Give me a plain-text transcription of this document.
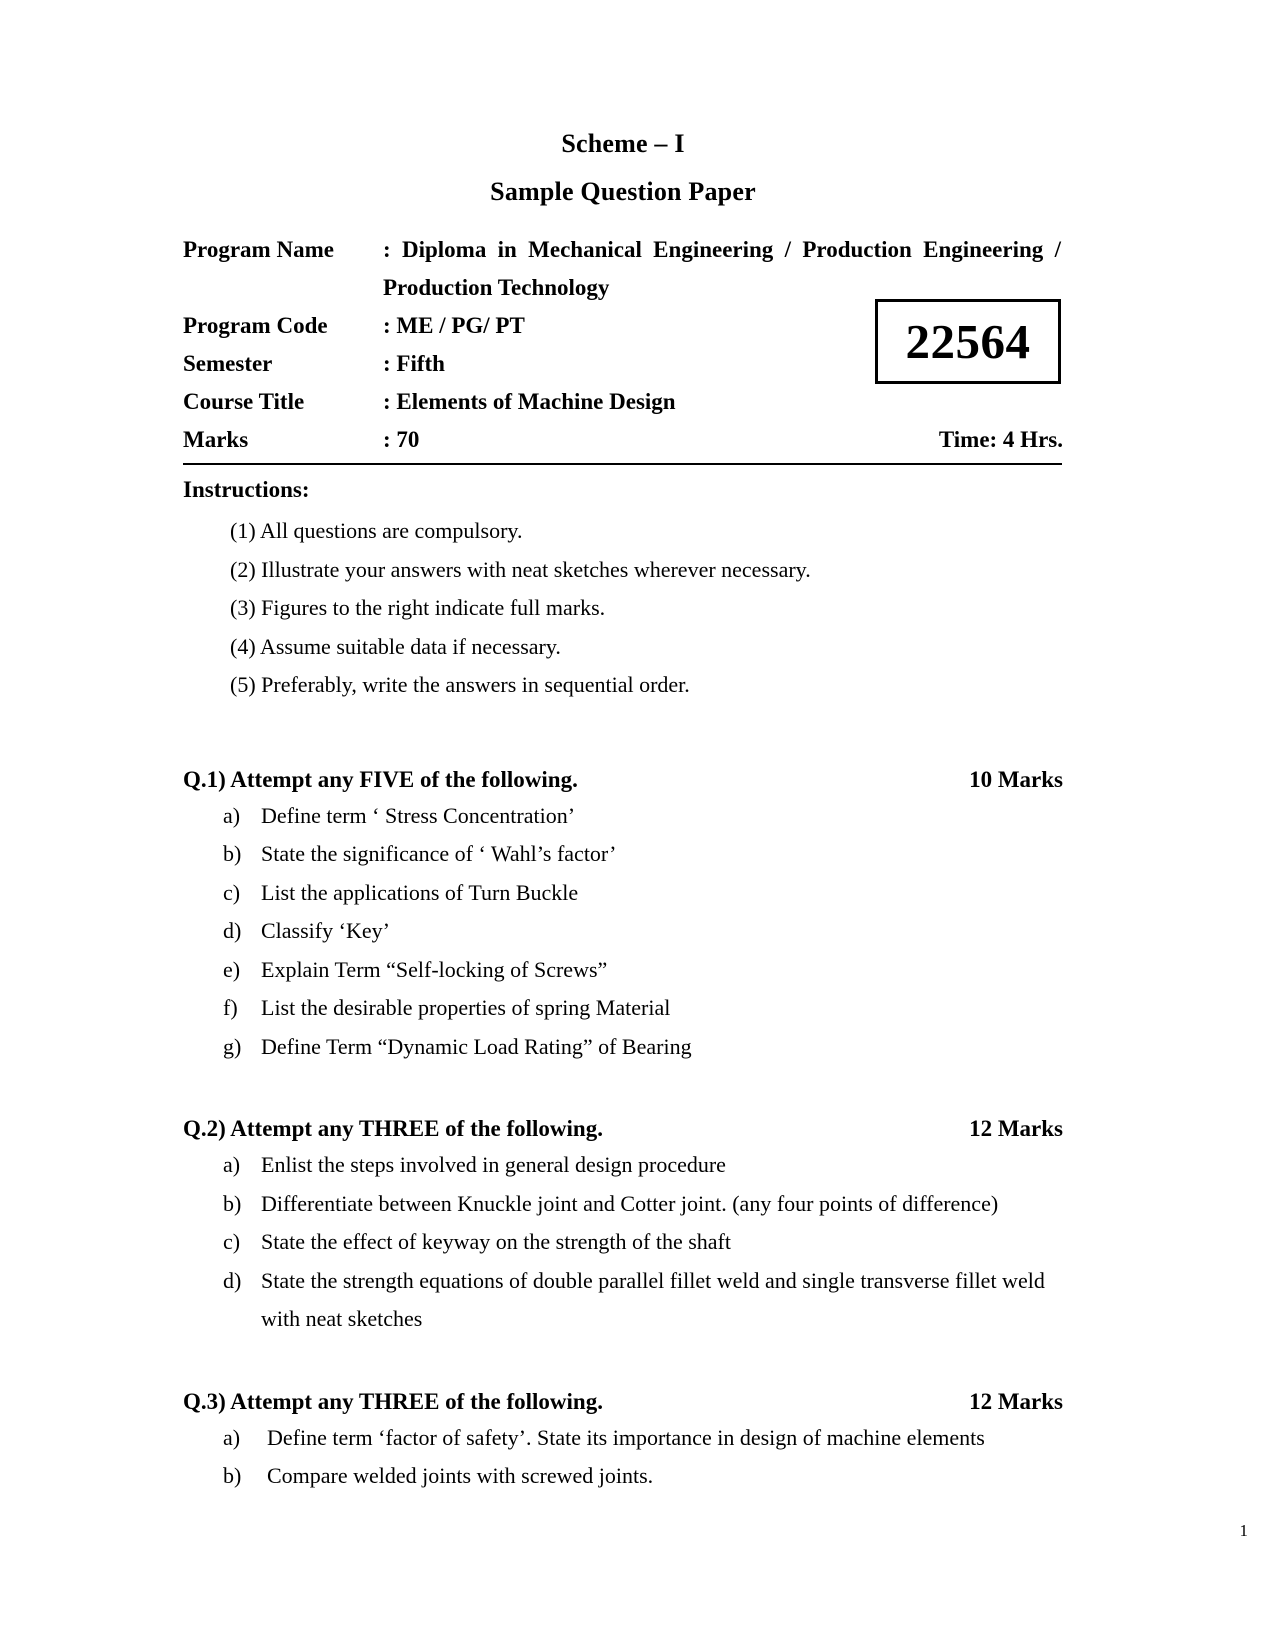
Scheme – I
Sample Question Paper
22564
Program Name	: Diploma in Mechanical Engineering / Production Engineering /
Production Technology
Program Code	: ME / PG/ PT
Semester	: Fifth
Course Title	: Elements of Machine Design
Marks	: 70	Time: 4 Hrs.
Instructions:
(1) All questions are compulsory.
(2) Illustrate your answers with neat sketches wherever necessary.
(3) Figures to the right indicate full marks.
(4) Assume suitable data if necessary.
(5) Preferably, write the answers in sequential order.
Q.1) Attempt any FIVE of the following.	10 Marks
a) Define term ‘ Stress Concentration’
b) State the significance of ‘ Wahl’s factor’
c) List the applications of Turn Buckle
d) Classify ‘Key’
e) Explain Term “Self-locking of Screws”
f)	List the desirable properties of spring Material
g) Define Term “Dynamic Load Rating” of Bearing
Q.2) Attempt any THREE of the following.	12 Marks
a) Enlist the steps involved in general design procedure
b) Differentiate between Knuckle joint and Cotter joint. (any four points of difference)
c) State the effect of keyway on the strength of the shaft
d) State the strength equations of double parallel fillet weld and single transverse fillet weld with neat sketches
Q.3) Attempt any THREE of the following.	12 Marks
a)	Define term ‘factor of safety’. State its importance in design of machine elements
b)	Compare welded joints with screwed joints.
1
